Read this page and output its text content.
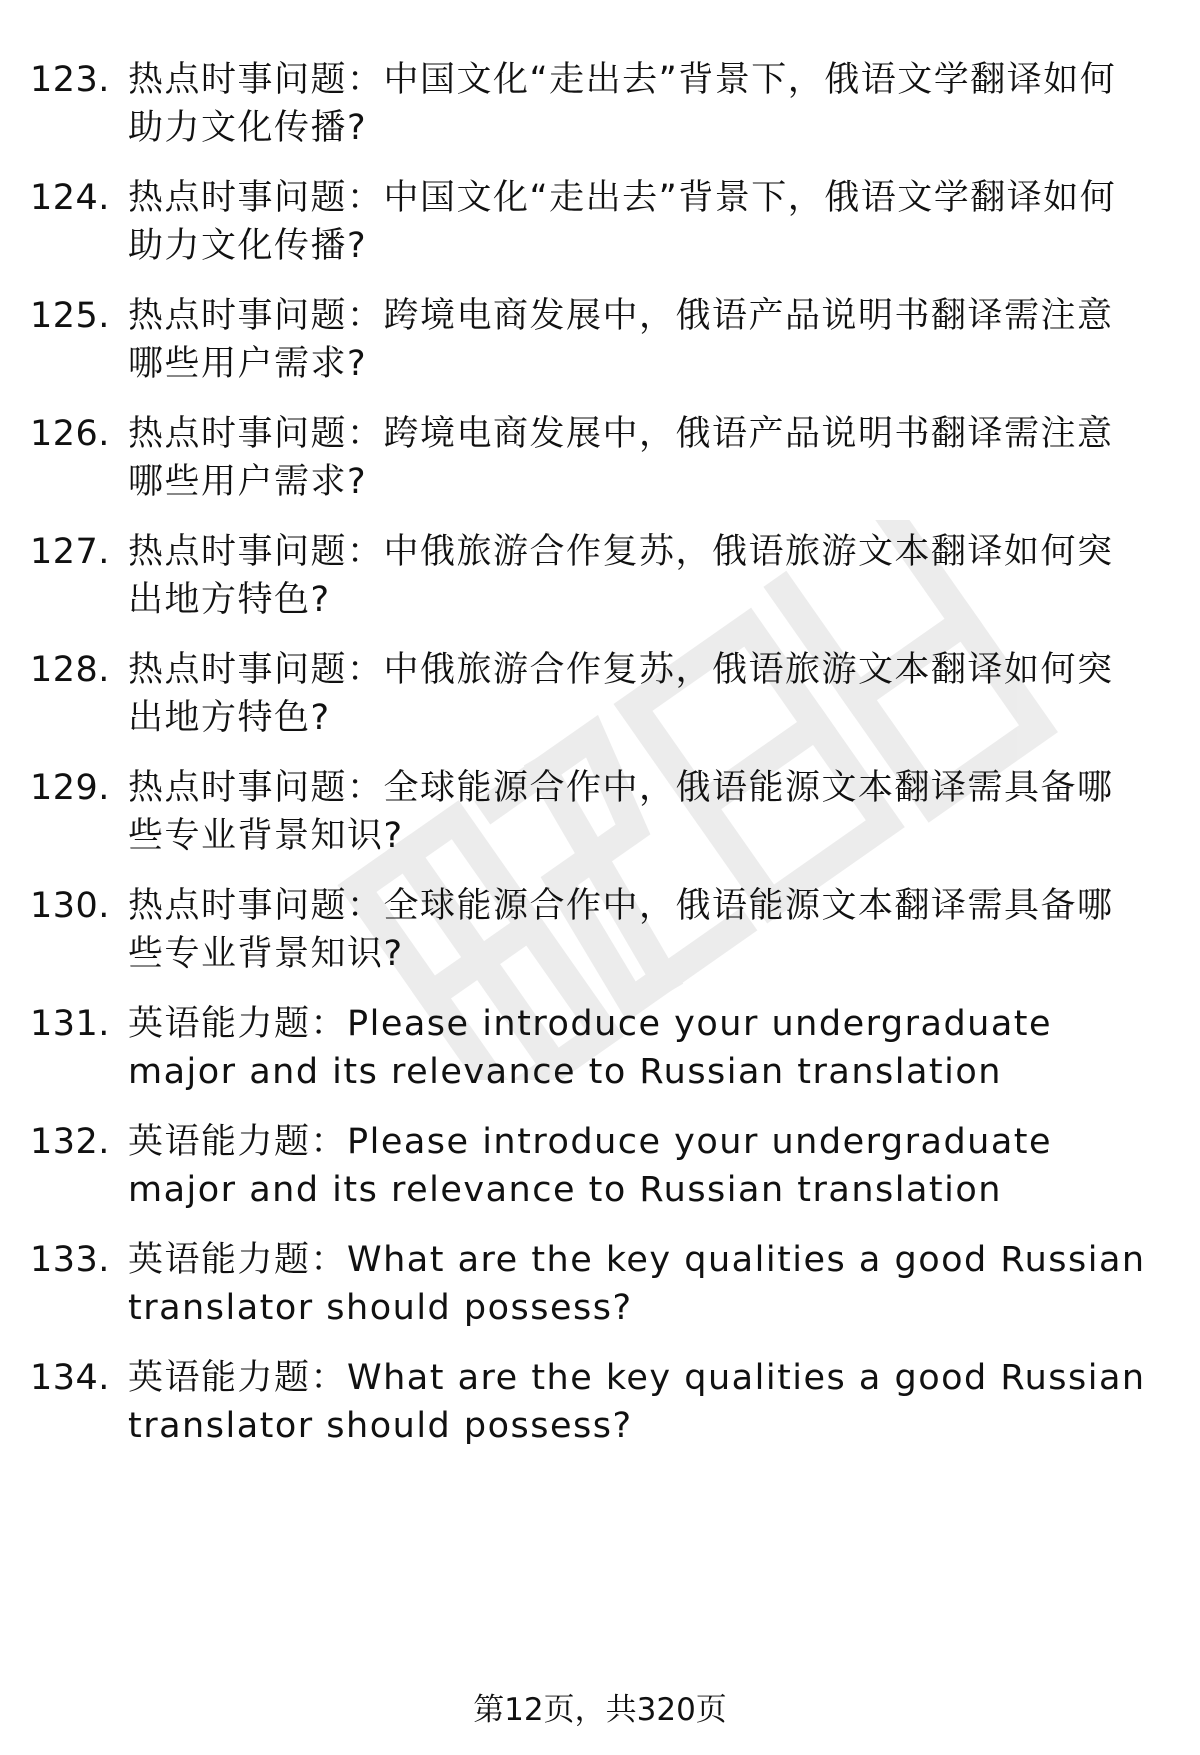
123. 热点时事问题：中国文化“走出去”背景下，俄语文学翻译如何助力文化传播?
124. 热点时事问题：中国文化“走出去”背景下，俄语文学翻译如何助力文化传播?
125. 热点时事问题：跨境电商发展中，俄语产品说明书翻译需注意哪些用户需求?
126. 热点时事问题：跨境电商发展中，俄语产品说明书翻译需注意哪些用户需求?
127. 热点时事问题：中俄旅游合作复苏，俄语旅游文本翻译如何突出地方特色?
128. 热点时事问题：中俄旅游合作复苏，俄语旅游文本翻译如何突出地方特色?
129. 热点时事问题：全球能源合作中，俄语能源文本翻译需具备哪些专业背景知识?
130. 热点时事问题：全球能源合作中，俄语能源文本翻译需具备哪些专业背景知识?
131. 英语能力题：Please introduce your undergraduate major and its relevance to Russian translation
132. 英语能力题：Please introduce your undergraduate major and its relevance to Russian translation
133. 英语能力题：What are the key qualities a good Russian translator should possess?
134. 英语能力题：What are the key qualities a good Russian translator should possess?
第12页，共320页
